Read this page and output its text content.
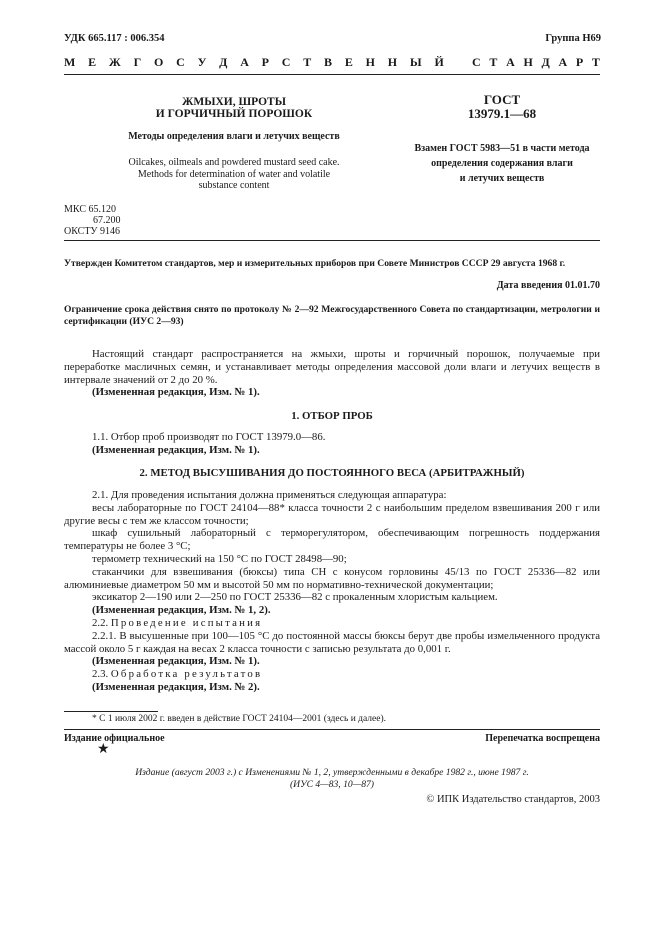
УДК 665.117 : 006.354	Группа Н69
М Е Ж Г О С У Д А Р С Т В Е Н Н Ы Й С Т А Н Д А Р Т
ЖМЫХИ, ШРОТЫ
И ГОРЧИЧНЫЙ ПОРОШОК
Методы определения влаги и летучих веществ
Oilcakes, oilmeals and powdered mustard seed cake.
Methods for determination of water and volatile
substance content
ГОСТ
13979.1—68
Взамен ГОСТ 5983—51 в части метода
определения содержания влаги
и летучих веществ
МКС 65.120
67.200
ОКСТУ 9146
Утвержден Комитетом стандартов, мер и измерительных приборов при Совете Министров СССР 29 августа 1968 г.
Дата введения 01.01.70
Ограничение срока действия снято по протоколу № 2—92 Межгосударственного Совета по стандартизации, метрологии и сертификации (ИУС 2—93)

Настоящий стандарт распространяется на жмыхи, шроты и горчичный порошок, получаемые при переработке масличных семян, и устанавливает методы определения массовой доли влаги и летучих веществ в интервале значений от 2 до 20 %.

(Измененная редакция, Изм. № 1).

1. ОТБОР ПРОБ

1.1. Отбор проб производят по ГОСТ 13979.0—86.

(Измененная редакция, Изм. № 1).

2. МЕТОД ВЫСУШИВАНИЯ ДО ПОСТОЯННОГО ВЕСА (АРБИТРАЖНЫЙ)

2.1. Для проведения испытания должна применяться следующая аппаратура:

весы лабораторные по ГОСТ 24104—88* класса точности 2 с наибольшим пределом взвешивания 200 г или другие весы с тем же классом точности;

шкаф сушильный лабораторный с терморегулятором, обеспечивающим погрешность поддержания температуры не более 3 °С;

термометр технический на 150 °С по ГОСТ 28498—90;

стаканчики для взвешивания (бюксы) типа СН с конусом горловины 45/13 по ГОСТ 25336—82 или алюминиевые диаметром 50 мм и высотой 50 мм по нормативно-технической документации;

эксикатор 2—190 или 2—250 по ГОСТ 25336—82 с прокаленным хлористым кальцием.

(Измененная редакция, Изм. № 1, 2).

2.2. Проведение испытания

2.2.1. В высушенные при 100—105 °С до постоянной массы бюксы берут две пробы измельченного продукта массой около 5 г каждая на весах 2 класса точности с записью результата до 0,001 г.

(Измененная редакция, Изм. № 1).

2.3. Обработка результатов

(Измененная редакция, Изм. № 2).

* С 1 июля 2002 г. введен в действие ГОСТ 24104—2001 (здесь и далее).
Издание официальное	Перепечатка воспрещена
★
Издание (август 2003 г.) с Изменениями № 1, 2, утвержденными в декабре 1982 г., июне 1987 г.
(ИУС 4—83, 10—87)
© ИПК Издательство стандартов, 2003
